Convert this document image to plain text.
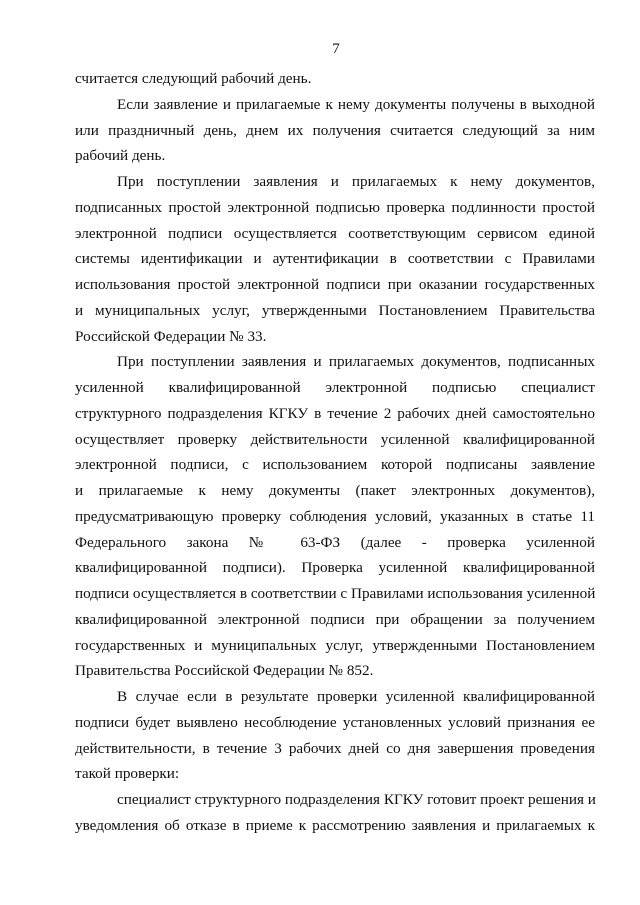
7

считается следующий рабочий день.

Если заявление и прилагаемые к нему документы получены в выходной
или праздничный день, днем их получения считается следующий за ним
рабочий день.

При поступлении заявления и прилагаемых к нему документов,
подписанных простой электронной подписью проверка подлинности простой
электронной подписи осуществляется соответствующим сервисом единой
системы идентификации и аутентификации в соответствии с Правилами
использования простой электронной подписи при оказании государственных
и муниципальных услуг, утвержденными Постановлением Правительства
Российской Федерации № 33.

При поступлении заявления и прилагаемых документов, подписанных
усиленной квалифицированной электронной подписью специалист
структурного подразделения КГКУ в течение 2 рабочих дней самостоятельно
осуществляет проверку действительности усиленной квалифицированной
электронной подписи, с использованием которой подписаны заявление
и прилагаемые к нему документы (пакет электронных документов),
предусматривающую проверку соблюдения условий, указанных в статье 11
Федерального закона № 63-ФЗ (далее - проверка усиленной
квалифицированной подписи). Проверка усиленной квалифицированной
подписи осуществляется в соответствии с Правилами использования усиленной
квалифицированной электронной подписи при обращении за получением
государственных и муниципальных услуг, утвержденными Постановлением
Правительства Российской Федерации № 852.

В случае если в результате проверки усиленной квалифицированной
подписи будет выявлено несоблюдение установленных условий признания ее
действительности, в течение 3 рабочих дней со дня завершения проведения
такой проверки:

специалист структурного подразделения КГКУ готовит проект решения и
уведомления об отказе в приеме к рассмотрению заявления и прилагаемых к
